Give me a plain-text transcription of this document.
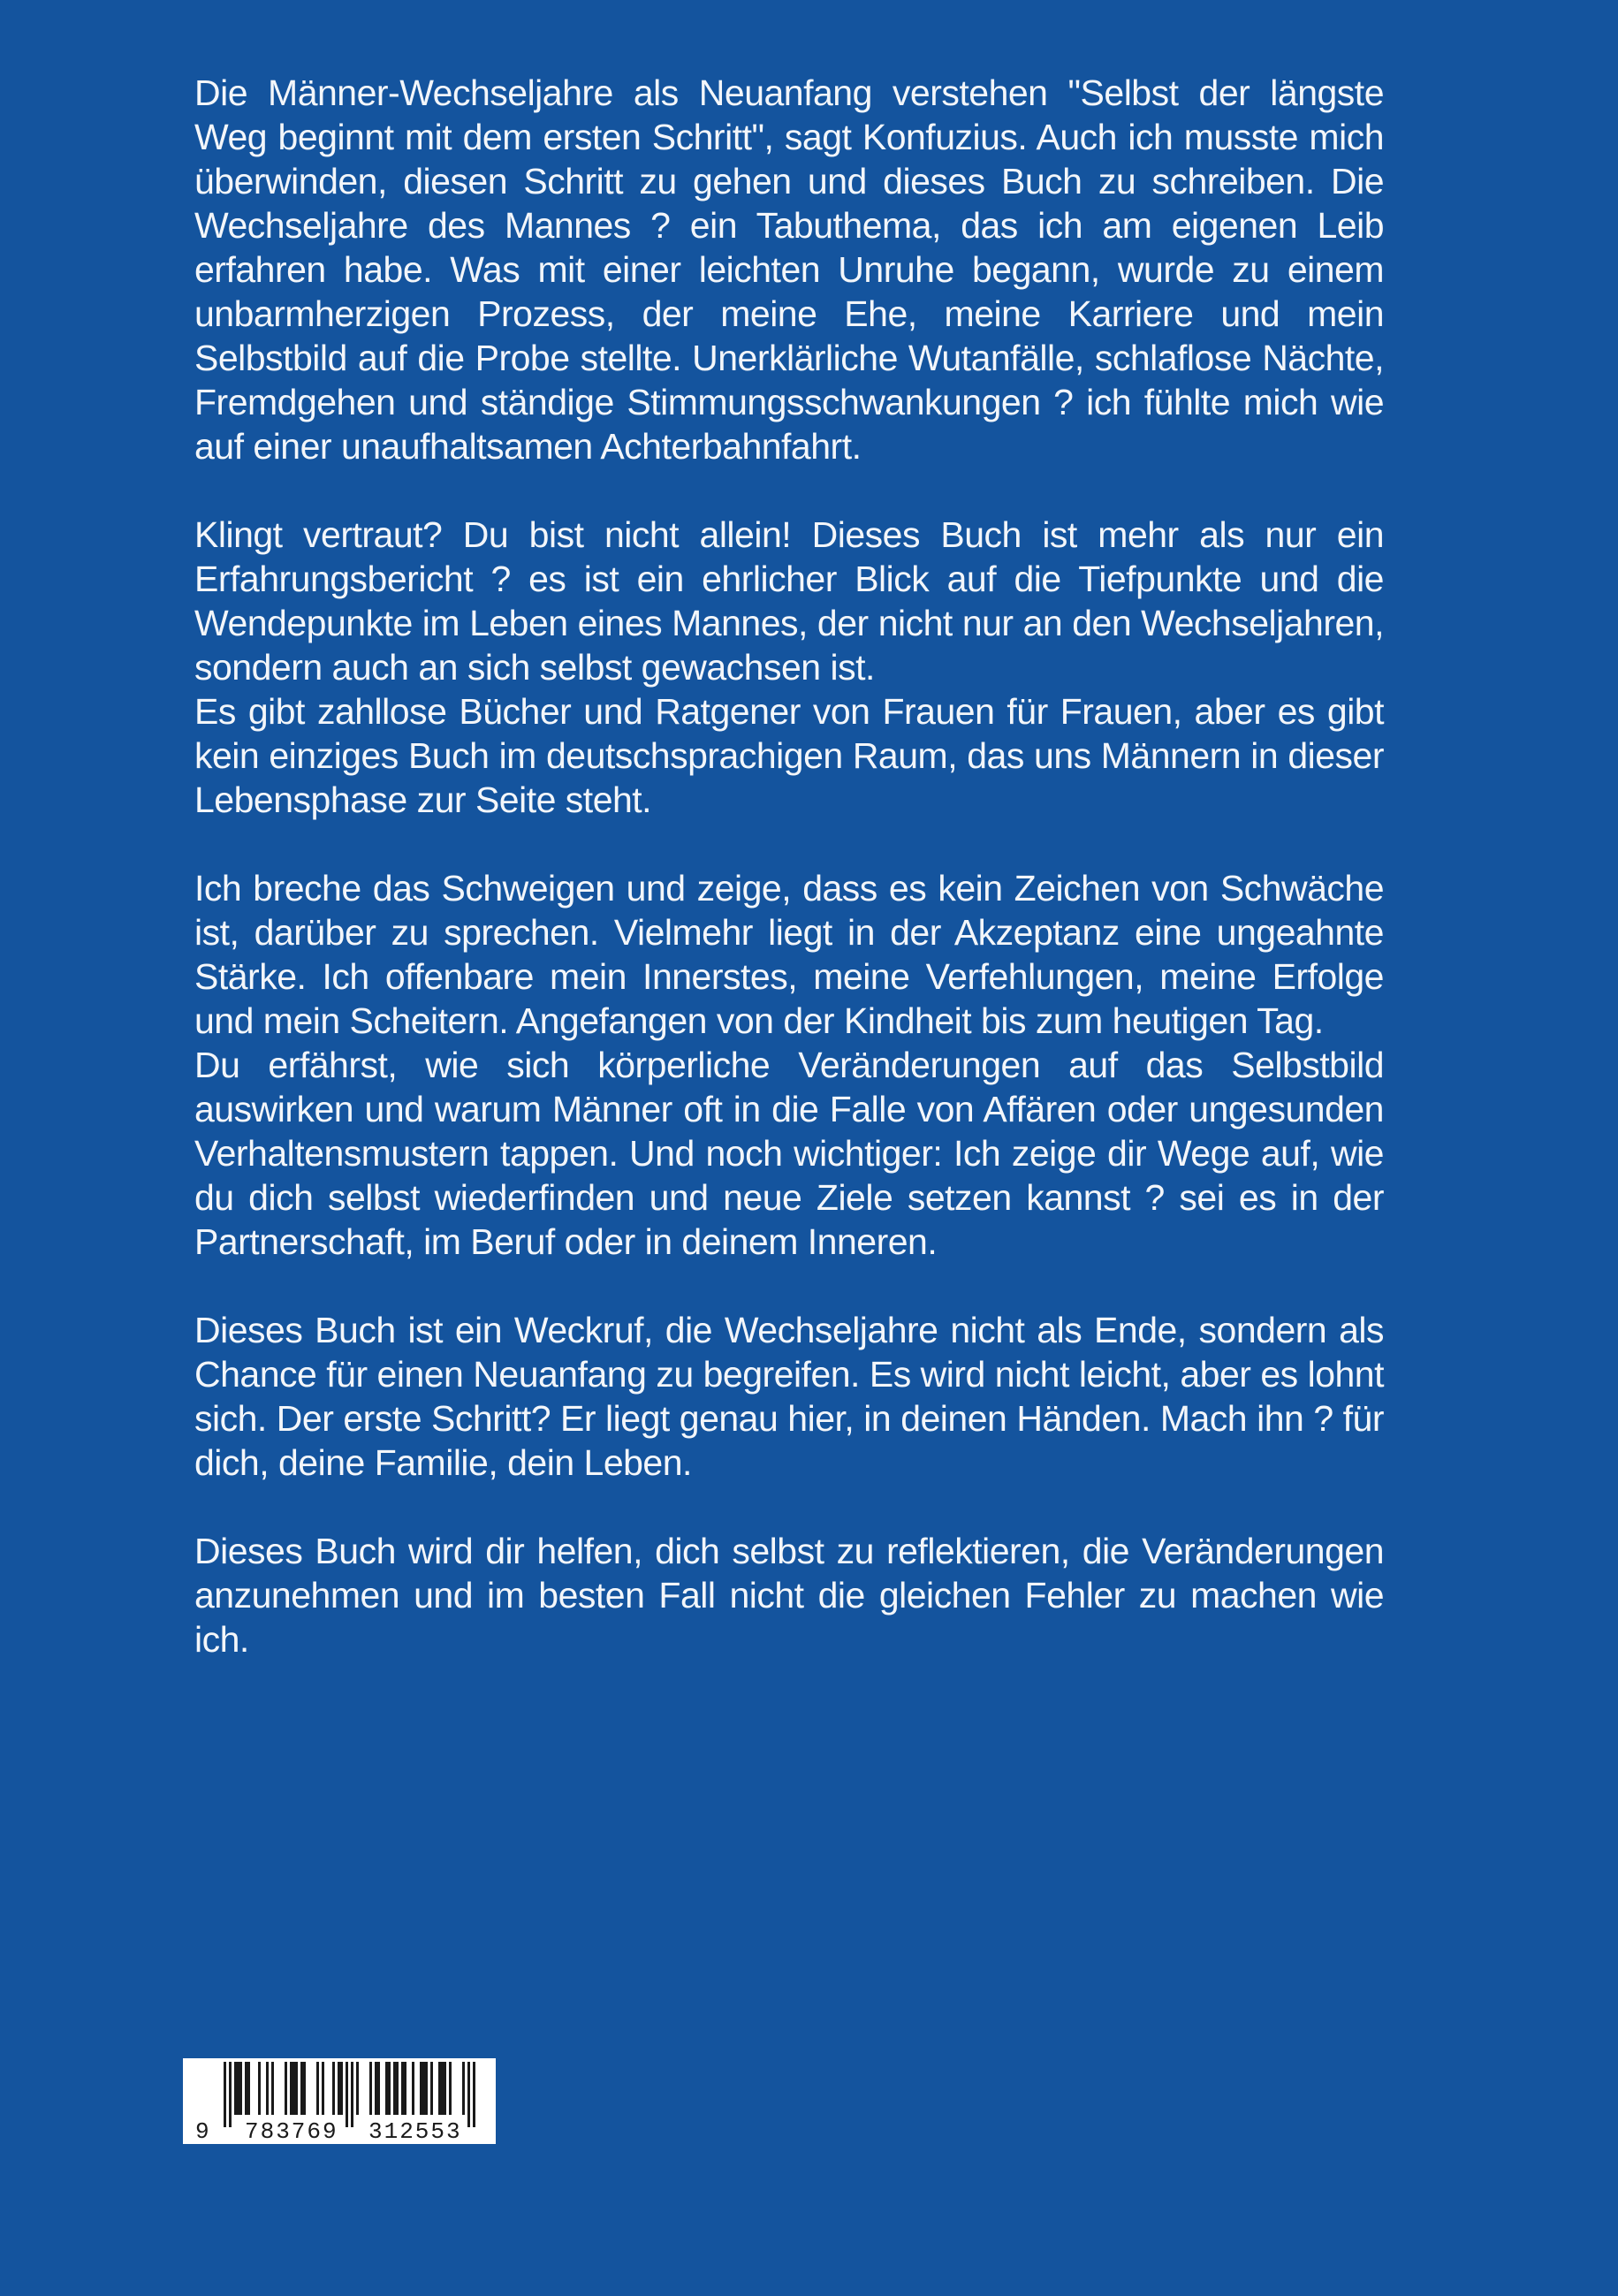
Die Männer-Wechseljahre als Neuanfang verstehen "Selbst der längste Weg beginnt mit dem ersten Schritt", sagt Konfuzius. Auch ich musste mich überwinden, diesen Schritt zu gehen und dieses Buch zu schreiben. Die Wechseljahre des Mannes ? ein Tabuthema, das ich am eigenen Leib erfahren habe. Was mit einer leichten Unruhe begann, wurde zu einem unbarmherzigen Prozess, der meine Ehe, meine Karriere und mein Selbstbild auf die Probe stellte. Unerklärliche Wutanfälle, schlaflose Nächte, Fremdgehen und ständige Stimmungsschwankungen ? ich fühlte mich wie auf einer unaufhaltsamen Achterbahnfahrt.

Klingt vertraut? Du bist nicht allein! Dieses Buch ist mehr als nur ein Erfahrungsbericht ? es ist ein ehrlicher Blick auf die Tiefpunkte und die Wendepunkte im Leben eines Mannes, der nicht nur an den Wechseljahren, sondern auch an sich selbst gewachsen ist.

Es gibt zahllose Bücher und Ratgener von Frauen für Frauen, aber es gibt kein einziges Buch im deutschsprachigen Raum, das uns Männern in dieser Lebensphase zur Seite steht.

Ich breche das Schweigen und zeige, dass es kein Zeichen von Schwäche ist, darüber zu sprechen. Vielmehr liegt in der Akzeptanz eine ungeahnte Stärke. Ich offenbare mein Innerstes, meine Verfehlungen, meine Erfolge und mein Scheitern. Angefangen von der Kindheit bis zum heutigen Tag.

Du erfährst, wie sich körperliche Veränderungen auf das Selbstbild auswirken und warum Männer oft in die Falle von Affären oder ungesunden Verhaltensmustern tappen. Und noch wichtiger: Ich zeige dir Wege auf, wie du dich selbst wiederfinden und neue Ziele setzen kannst ? sei es in der Partnerschaft, im Beruf oder in deinem Inneren.

Dieses Buch ist ein Weckruf, die Wechseljahre nicht als Ende, sondern als Chance für einen Neuanfang zu begreifen. Es wird nicht leicht, aber es lohnt sich. Der erste Schritt? Er liegt genau hier, in deinen Händen. Mach ihn ? für dich, deine Familie, dein Leben.

Dieses Buch wird dir helfen, dich selbst zu reflektieren, die Veränderungen anzunehmen und im besten Fall nicht die gleichen Fehler zu machen wie ich.

9 783769 312553
